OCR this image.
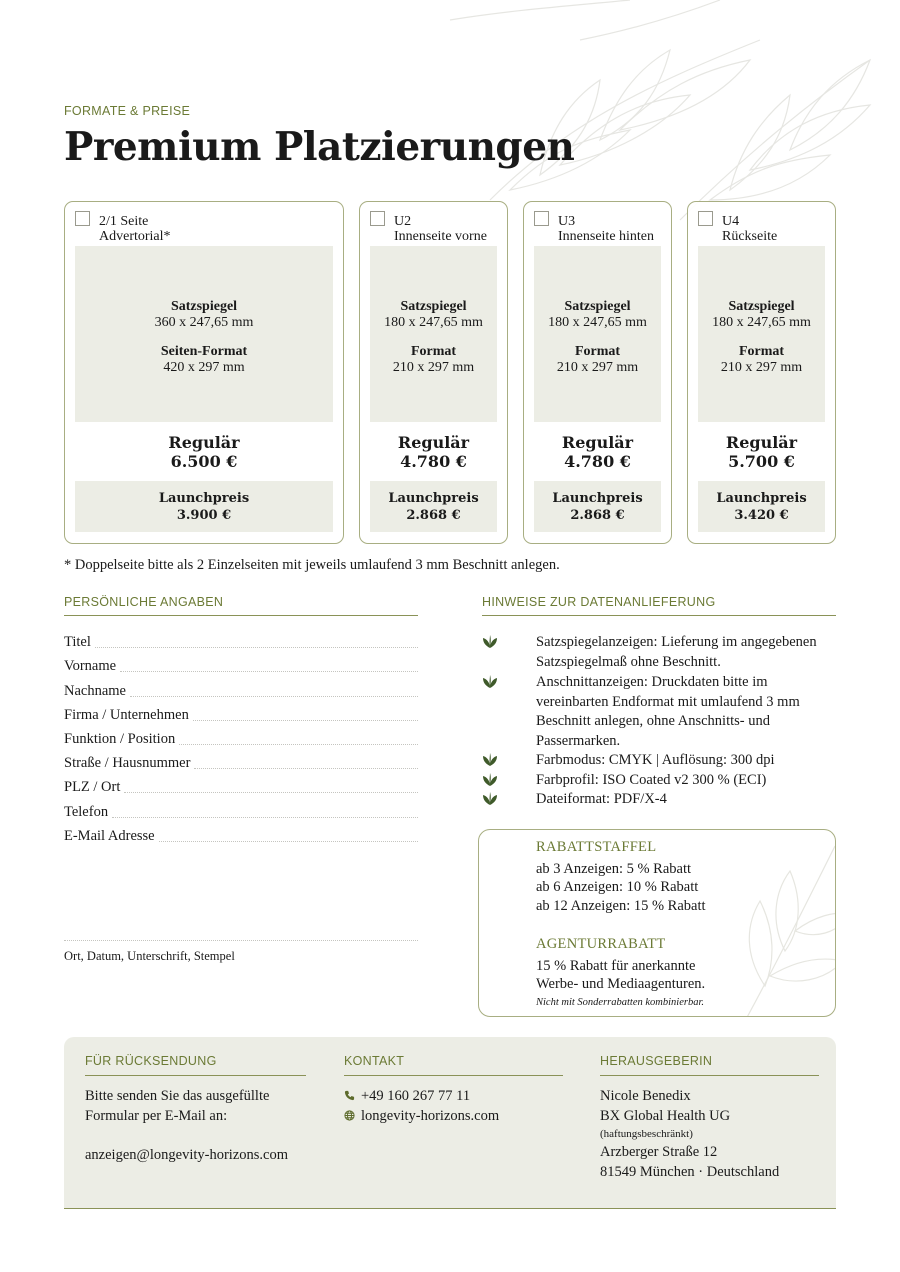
FORMATE & PREISE
Premium Platzierungen
2/1 Seite
Advertorial*
Satzspiegel
360 x 247,65 mm
Seiten-Format
420 x 297 mm
Regulär
6.500 €
Launchpreis
3.900 €
U2
Innenseite vorne
Satzspiegel
180 x 247,65 mm
Format
210 x 297 mm
Regulär
4.780 €
Launchpreis
2.868 €
U3
Innenseite hinten
Satzspiegel
180 x 247,65 mm
Format
210 x 297 mm
Regulär
4.780 €
Launchpreis
2.868 €
U4
Rückseite
Satzspiegel
180 x 247,65 mm
Format
210 x 297 mm
Regulär
5.700 €
Launchpreis
3.420 €
* Doppelseite bitte als 2 Einzelseiten mit jeweils umlaufend 3 mm Beschnitt anlegen.
PERSÖNLICHE ANGABEN
Titel
Vorname
Nachname
Firma / Unternehmen
Funktion / Position
Straße / Hausnummer
PLZ / Ort
Telefon
E-Mail Adresse
Ort, Datum, Unterschrift, Stempel
HINWEISE ZUR DATENANLIEFERUNG
Satzspiegelanzeigen: Lieferung im angegebenen Satzspiegelmaß ohne Beschnitt.
Anschnittanzeigen: Druckdaten bitte im vereinbarten Endformat mit umlaufend 3 mm Beschnitt anlegen, ohne Anschnitts- und Passermarken.
Farbmodus: CMYK | Auflösung: 300 dpi
Farbprofil: ISO Coated v2 300 % (ECI)
Dateiformat: PDF/X-4
RABATTSTAFFEL
ab 3 Anzeigen: 5 % Rabatt
ab 6 Anzeigen: 10 % Rabatt
ab 12 Anzeigen: 15 % Rabatt
AGENTURRABATT
15 % Rabatt für anerkannte
Werbe- und Mediaagenturen.
Nicht mit Sonderrabatten kombinierbar.
FÜR RÜCKSENDUNG
Bitte senden Sie das ausgefüllte
Formular per E-Mail an:
anzeigen@longevity-horizons.com
KONTAKT
+49 160 267 77 11
longevity-horizons.com
HERAUSGEBERIN
Nicole Benedix
BX Global Health UG
(haftungsbeschränkt)
Arzberger Straße 12
81549 München · Deutschland
